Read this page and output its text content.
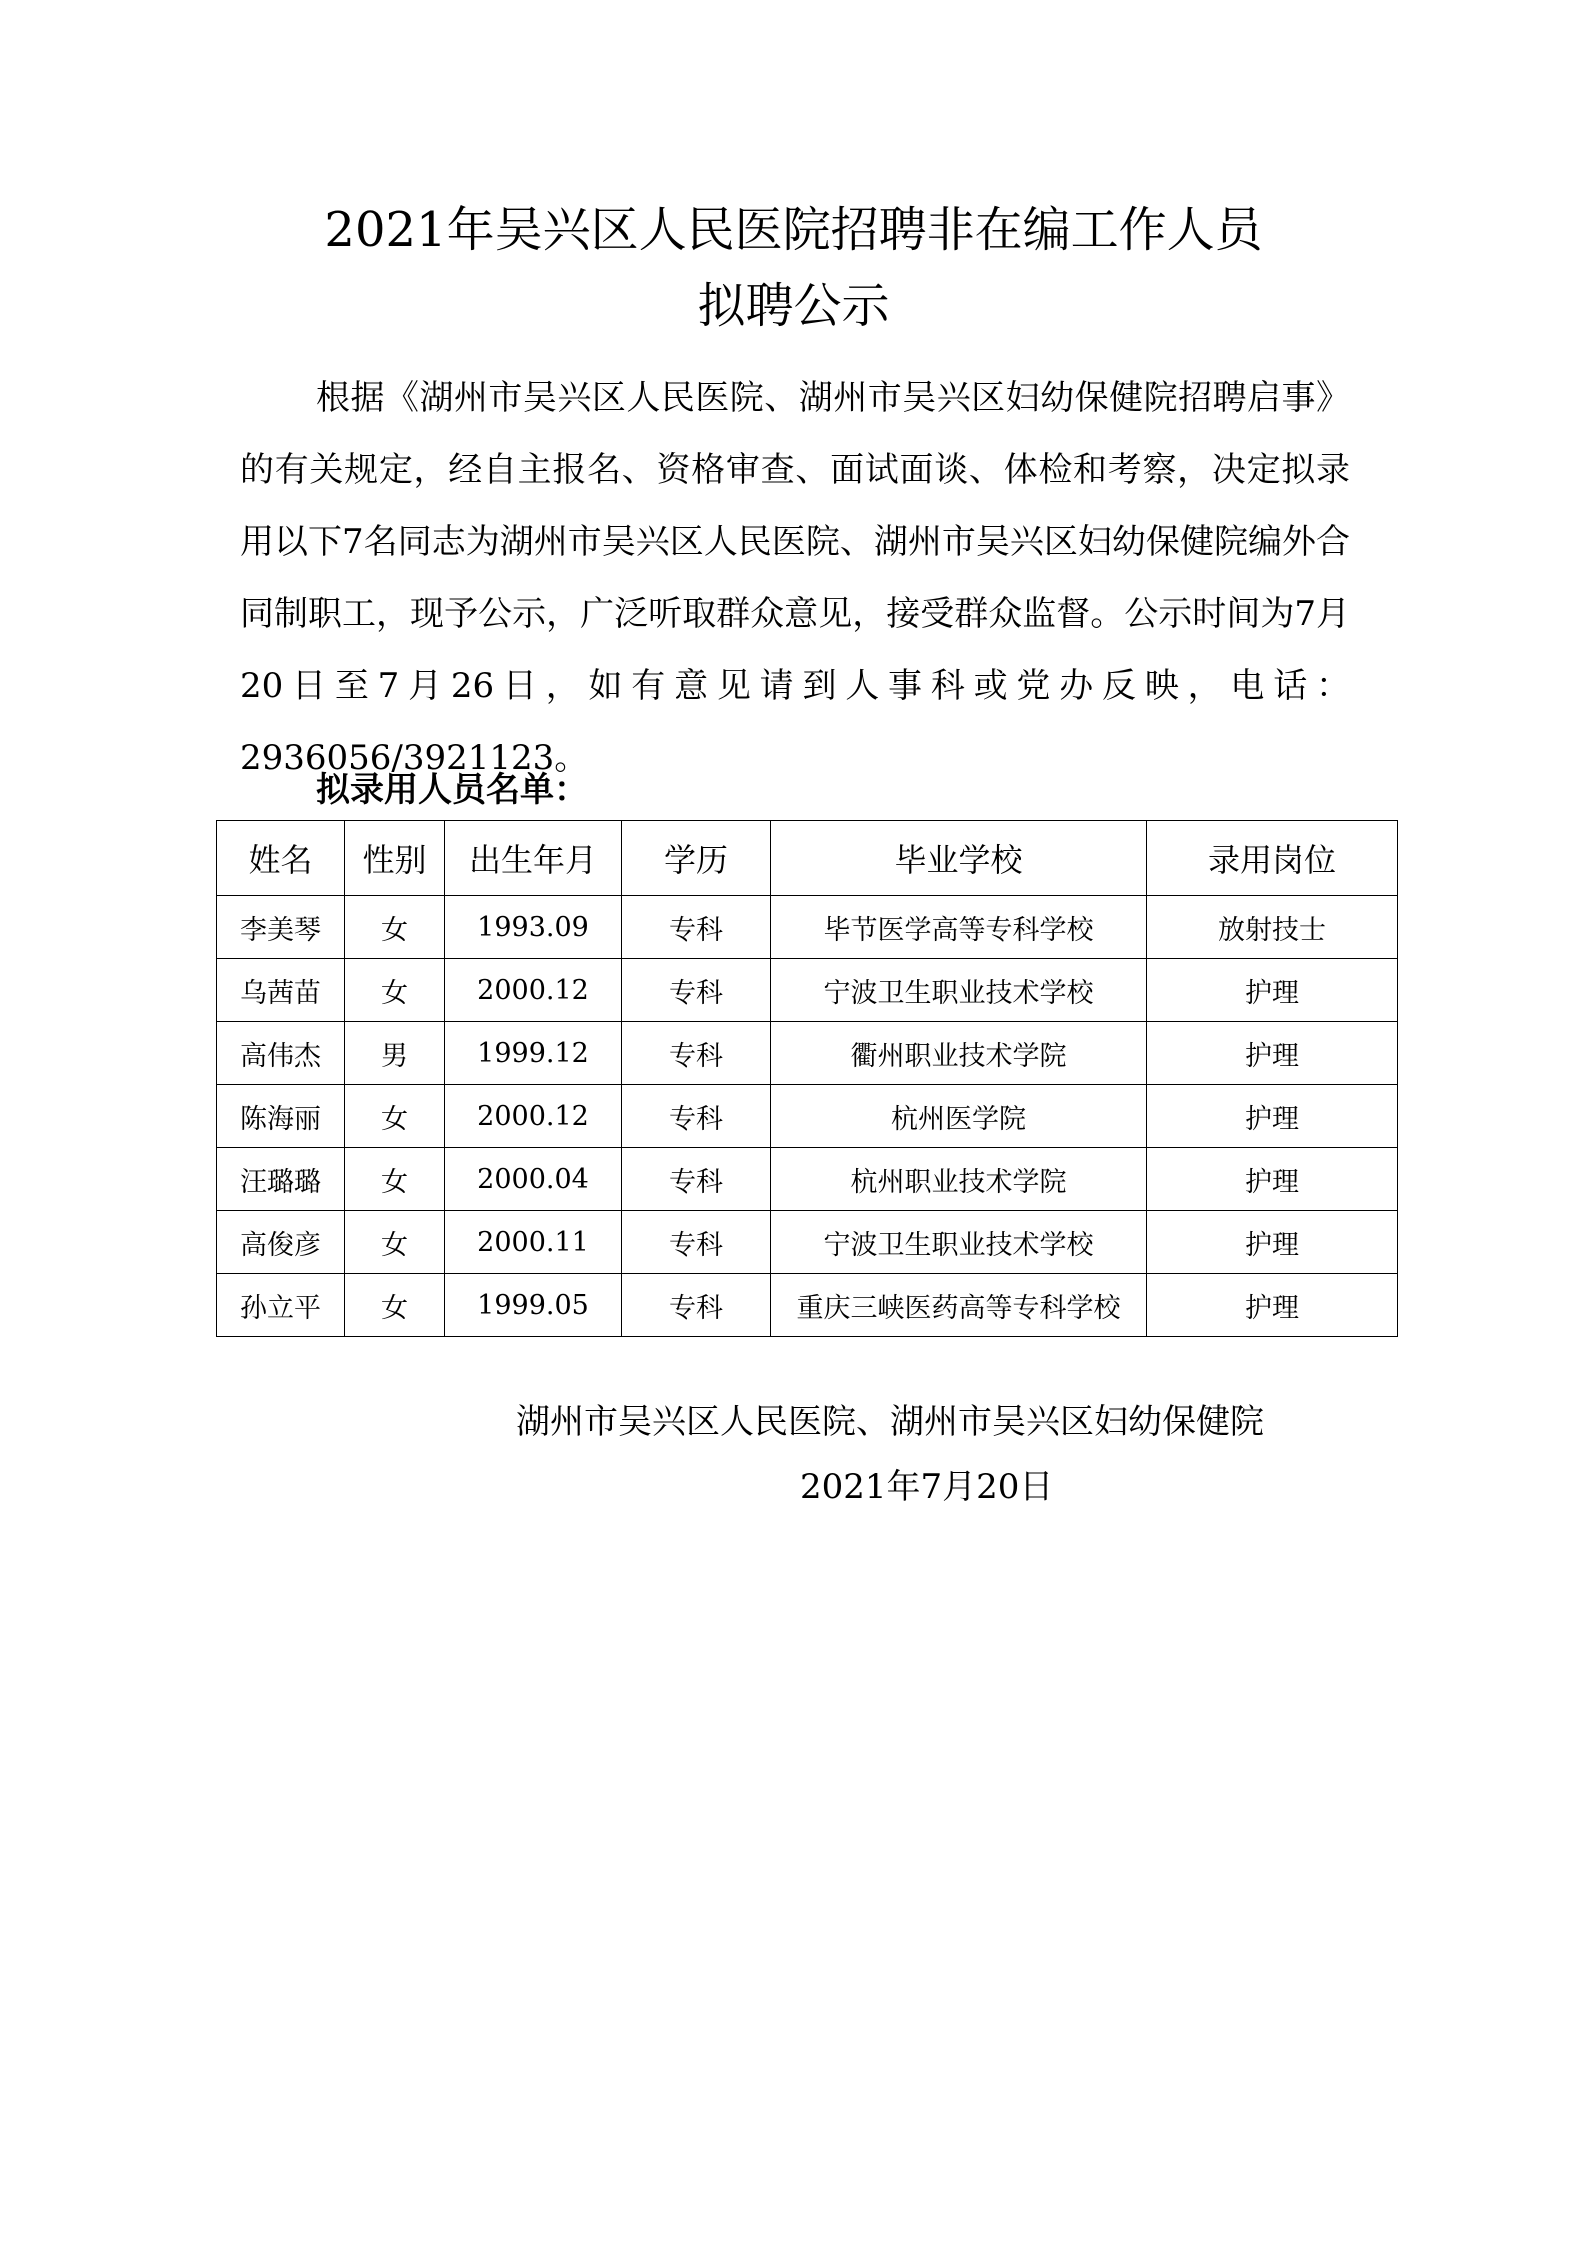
2021年吴兴区人民医院招聘非在编工作人员
拟聘公示

根据《湖州市吴兴区人民医院、湖州市吴兴区妇幼保健院招聘启事》的有关规定，经自主报名、资格审查、面试面谈、体检和考察，决定拟录用以下7名同志为湖州市吴兴区人民医院、湖州市吴兴区妇幼保健院编外合同制职工，现予公示，广泛听取群众意见，接受群众监督。公示时间为7月20日至7月26日，如有意见请到人事科或党办反映，电话：2936056/3921123。

拟录用人员名单：

姓名	性别	出生年月	学历	毕业学校	录用岗位
李美琴	女	1993.09	专科	毕节医学高等专科学校	放射技士
乌茜苗	女	2000.12	专科	宁波卫生职业技术学校	护理
高伟杰	男	1999.12	专科	衢州职业技术学院	护理
陈海丽	女	2000.12	专科	杭州医学院	护理
汪璐璐	女	2000.04	专科	杭州职业技术学院	护理
高俊彦	女	2000.11	专科	宁波卫生职业技术学校	护理
孙立平	女	1999.05	专科	重庆三峡医药高等专科学校	护理

湖州市吴兴区人民医院、湖州市吴兴区妇幼保健院

2021年7月20日
